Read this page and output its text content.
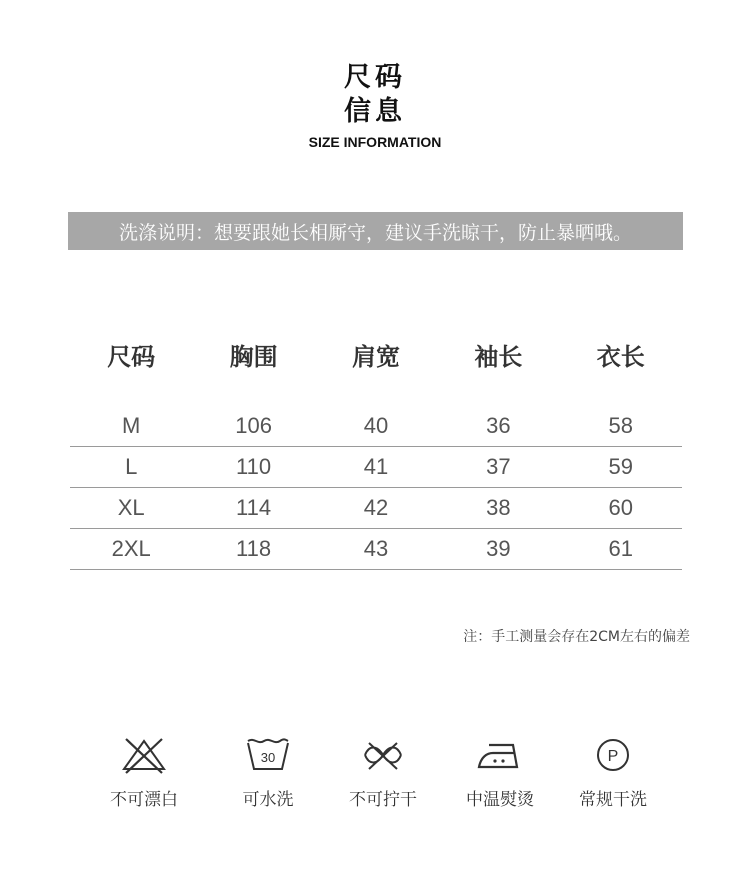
尺码
信息
SIZE INFORMATION
洗涤说明：想要跟她长相厮守，建议手洗晾干，防止暴晒哦。
尺码	胸围	肩宽	袖长	衣长

M	106	40	36	58
L	110	41	37	59
XL	114	42	38	60
2XL	118	43	39	61
注：手工测量会存在2CM左右的偏差
不可漂白
30
可水洗	不可拧干	中温熨烫
P
常规干洗
